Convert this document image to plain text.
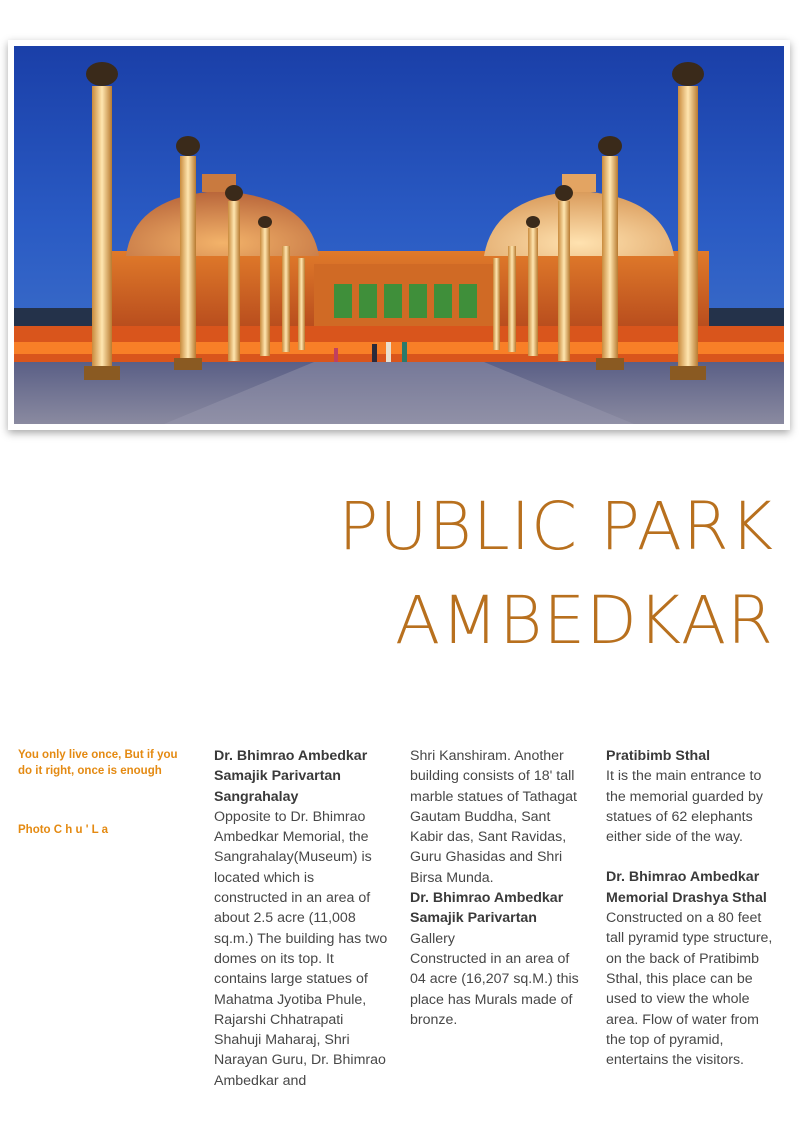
PUBLIC PARK
AMBEDKAR
You only live once, But if you do it right, once is enough
Photo C h u ' L a
Dr. Bhimrao Ambedkar Samajik Parivartan Sangrahalay
Opposite to Dr. Bhimrao Ambedkar Memorial, the Sangrahalay(Museum) is located which is constructed in an area of about 2.5 acre (11,008 sq.m.) The building has two domes on its top. It contains large statues of Mahatma Jyotiba Phule, Rajarshi Chhatrapati Shahuji Maharaj, Shri Narayan Guru, Dr. Bhimrao Ambedkar and
Shri Kanshiram. Another building consists of 18' tall marble statues of Tathagat Gautam Buddha, Sant Kabir das, Sant Ravidas, Guru Ghasidas and Shri Birsa Munda.
Dr. Bhimrao Ambedkar Samajik Parivartan
Gallery
Constructed in an area of 04 acre (16,207 sq.M.) this place has Murals made of bronze.
Pratibimb Sthal
It is the main entrance to the memorial guarded by statues of 62 elephants either side of the way.
Dr. Bhimrao Ambedkar Memorial Drashya Sthal
Constructed on a 80 feet tall pyramid type structure, on the back of Pratibimb Sthal, this place can be used to view the whole area. Flow of water from the top of pyramid, entertains the visitors.
